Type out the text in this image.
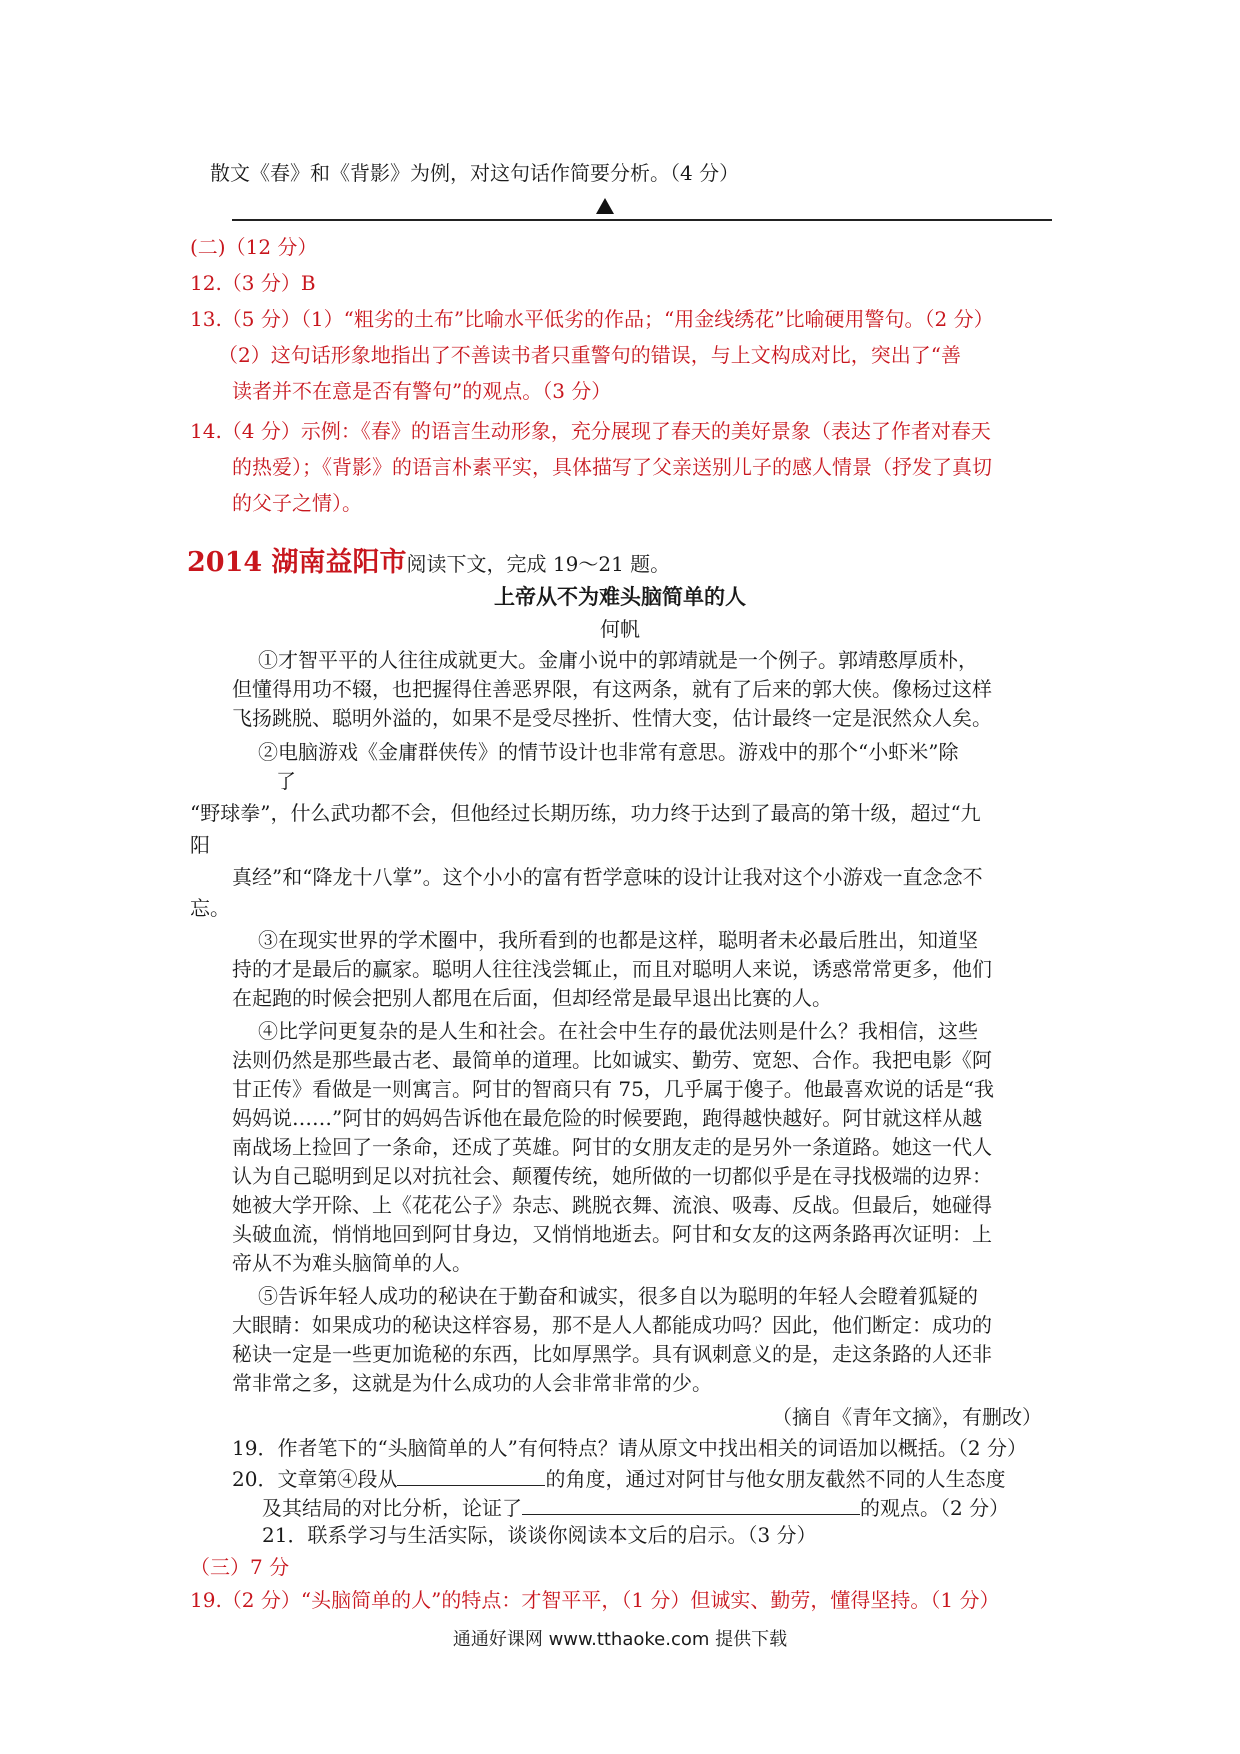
散文《春》和《背影》为例，对这句话作简要分析。（4 分）
(二)（12 分）
12.（3 分）B
13.（5 分）（1）“粗劣的土布”比喻水平低劣的作品；“用金线绣花”比喻硬用警句。（2 分）
（2）这句话形象地指出了不善读书者只重警句的错误，与上文构成对比，突出了“善
读者并不在意是否有警句”的观点。（3 分）
14.（4 分）示例：《春》的语言生动形象，充分展现了春天的美好景象（表达了作者对春天
的热爱）；《背影》的语言朴素平实，具体描写了父亲送别儿子的感人情景（抒发了真切
的父子之情）。
2014 湖南益阳市阅读下文，完成 19～21 题。
上帝从不为难头脑简单的人
何帆
①才智平平的人往往成就更大。金庸小说中的郭靖就是一个例子。郭靖憨厚质朴，
但懂得用功不辍，也把握得住善恶界限，有这两条，就有了后来的郭大侠。像杨过这样
飞扬跳脱、聪明外溢的，如果不是受尽挫折、性情大变，估计最终一定是泯然众人矣。
②电脑游戏《金庸群侠传》的情节设计也非常有意思。游戏中的那个“小虾米”除
了
“野球拳”，什么武功都不会，但他经过长期历练，功力终于达到了最高的第十级，超过“九
阳
真经”和“降龙十八掌”。这个小小的富有哲学意味的设计让我对这个小游戏一直念念不
忘。
③在现实世界的学术圈中，我所看到的也都是这样，聪明者未必最后胜出，知道坚
持的才是最后的赢家。聪明人往往浅尝辄止，而且对聪明人来说，诱惑常常更多，他们
在起跑的时候会把别人都甩在后面，但却经常是最早退出比赛的人。
④比学问更复杂的是人生和社会。在社会中生存的最优法则是什么？我相信，这些
法则仍然是那些最古老、最简单的道理。比如诚实、勤劳、宽恕、合作。我把电影《阿
甘正传》看做是一则寓言。阿甘的智商只有 75，几乎属于傻子。他最喜欢说的话是“我
妈妈说……”阿甘的妈妈告诉他在最危险的时候要跑，跑得越快越好。阿甘就这样从越
南战场上捡回了一条命，还成了英雄。阿甘的女朋友走的是另外一条道路。她这一代人
认为自己聪明到足以对抗社会、颠覆传统，她所做的一切都似乎是在寻找极端的边界：
她被大学开除、上《花花公子》杂志、跳脱衣舞、流浪、吸毒、反战。但最后，她碰得
头破血流，悄悄地回到阿甘身边，又悄悄地逝去。阿甘和女友的这两条路再次证明：上
帝从不为难头脑简单的人。
⑤告诉年轻人成功的秘诀在于勤奋和诚实，很多自以为聪明的年轻人会瞪着狐疑的
大眼睛：如果成功的秘诀这样容易，那不是人人都能成功吗？因此，他们断定：成功的
秘诀一定是一些更加诡秘的东西，比如厚黑学。具有讽刺意义的是，走这条路的人还非
常非常之多，这就是为什么成功的人会非常非常的少。
（摘自《青年文摘》，有删改）
19．作者笔下的“头脑简单的人”有何特点？请从原文中找出相关的词语加以概括。（2 分）
20．文章第④段从	的角度，通过对阿甘与他女朋友截然不同的人生态度
及其结局的对比分析，论证了	的观点。（2 分）
21．联系学习与生活实际，谈谈你阅读本文后的启示。（3 分）
（三）7 分
19.（2 分）“头脑简单的人”的特点：才智平平，（1 分）但诚实、勤劳，懂得坚持。（1 分）
通通好课网 www.tthaoke.com 提供下载
